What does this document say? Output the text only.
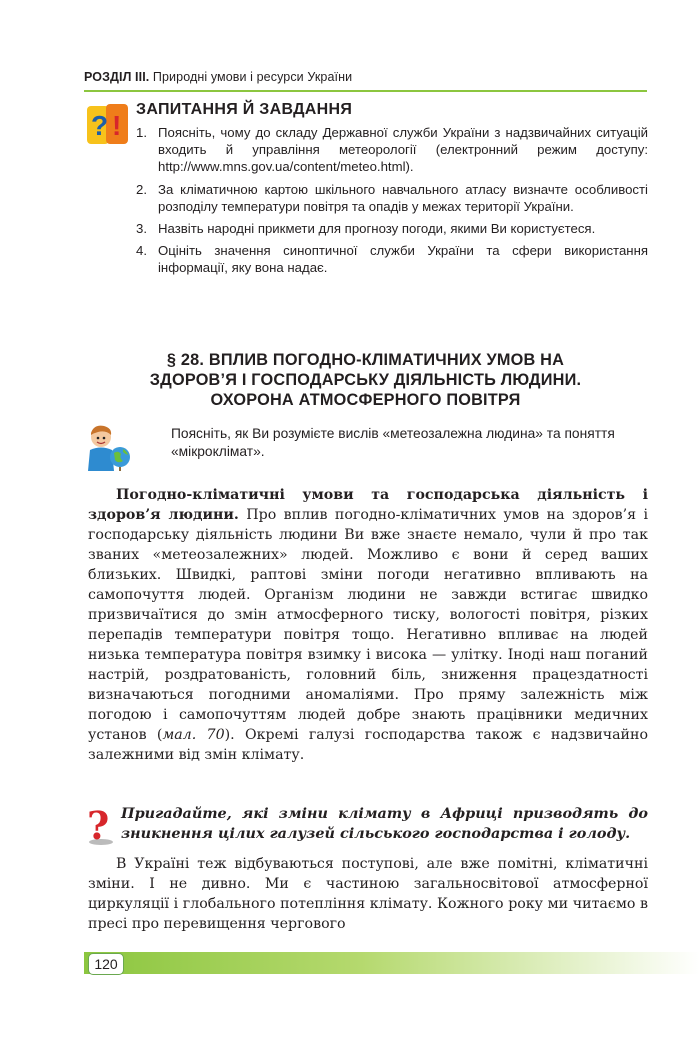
РОЗДІЛ ІІІ. Природні умови і ресурси України
? !
ЗАПИТАННЯ Й ЗАВДАННЯ
1. Поясніть, чому до складу Державної служби України з надзвичайних ситуацій входить й управління метеорології (електронний режим доступу: http://www.mns.gov.ua/content/meteo.html).
2. За кліматичною картою шкільного навчального атласу визначте особливості розподілу температури повітря та опадів у межах території України.
3. Назвіть народні прикмети для прогнозу погоди, якими Ви користуєтеся.
4. Оцініть значення синоптичної служби України та сфери використання інформації, яку вона надає.
§ 28. ВПЛИВ ПОГОДНО-КЛІМАТИЧНИХ УМОВ НА
ЗДОРОВ’Я І ГОСПОДАРСЬКУ ДІЯЛЬНІСТЬ ЛЮДИНИ.
ОХОРОНА АТМОСФЕРНОГО ПОВІТРЯ
Поясніть, як Ви розумієте вислів «метеозалежна людина» та поняття «мікроклімат».

Погодно-кліматичні умови та господарська діяльність і здоров’я людини. Про вплив погодно-кліматичних умов на здоров’я і господарську діяльність людини Ви вже знаєте немало, чули й про так званих «метеозалежних» людей. Можливо є вони й серед ваших близьких. Швидкі, раптові зміни погоди негативно впливають на самопочуття людей. Організм людини не завжди встигає швидко призвичаїтися до змін атмосферного тиску, вологості повітря, різких перепадів температури повітря тощо. Негативно впливає на людей низька температура повітря взимку і висока — улітку. Іноді наш поганий настрій, роздратованість, головний біль, зниження працездатності визначаються погодними аномаліями. Про пряму залежність між погодою і самопочуттям людей добре знають працівники медичних установ (мал. 70). Окремі галузі господарства також є надзвичайно залежними від змін клімату.

? Пригадайте, які зміни клімату в Африці призводять до зникнення цілих галузей сільського господарства і голоду.

В Україні теж відбуваються поступові, але вже помітні, кліматичні зміни. І не дивно. Ми є частиною загальносвітової атмосферної циркуляції і глобального потепління клімату. Кожного року ми читаємо в пресі про перевищення чергового

120
